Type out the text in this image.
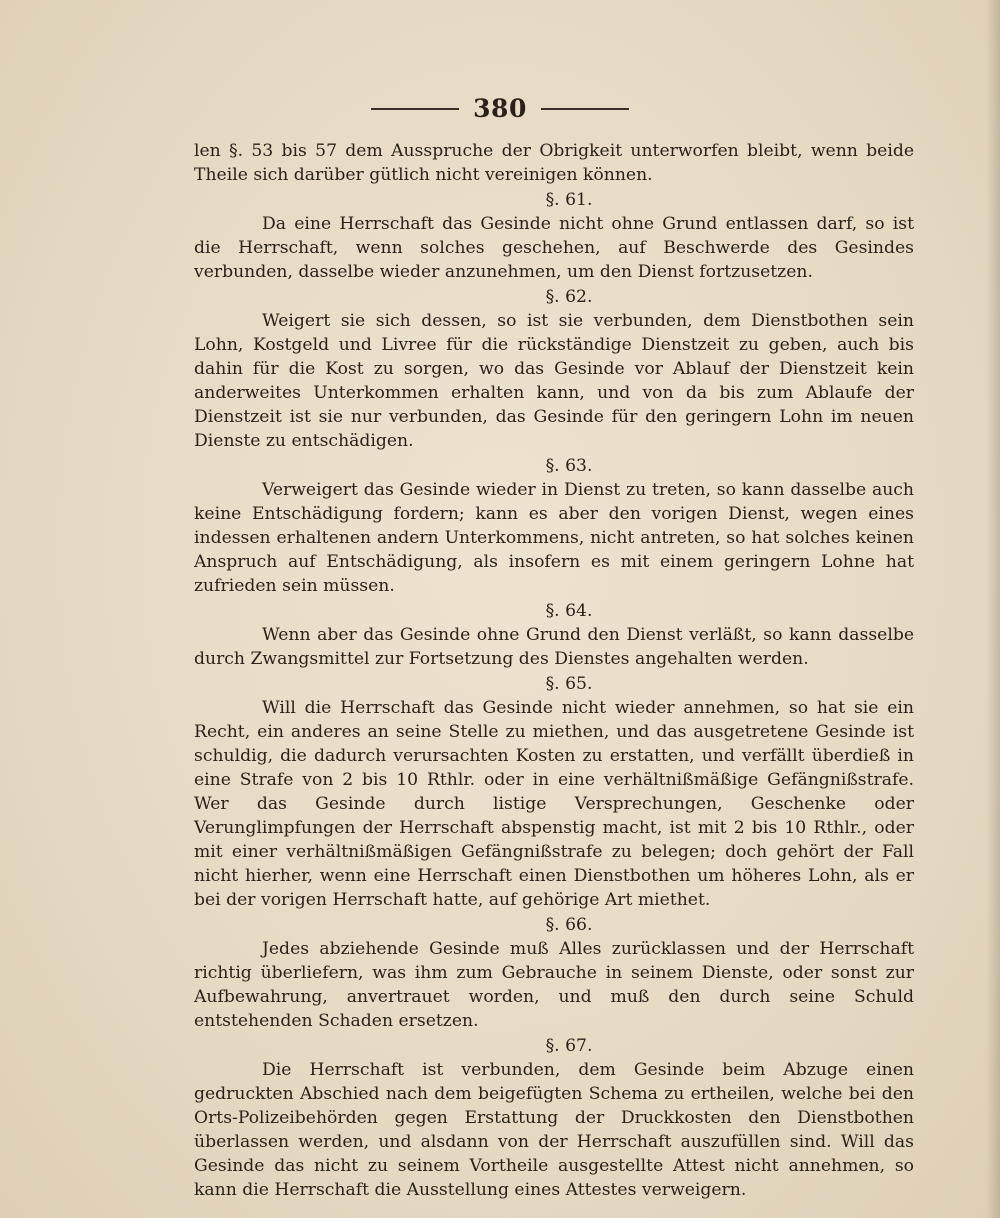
380

len §. 53 bis 57 dem Ausspruche der Obrigkeit unterworfen bleibt, wenn beide Theile sich darüber gütlich nicht vereinigen können.

§. 61.

Da eine Herrschaft das Gesinde nicht ohne Grund entlassen darf, so ist die Herrschaft, wenn solches geschehen, auf Beschwerde des Gesindes verbunden, dasselbe wieder anzunehmen, um den Dienst fortzusetzen.

§. 62.

Weigert sie sich dessen, so ist sie verbunden, dem Dienstbothen sein Lohn, Kostgeld und Livree für die rückständige Dienstzeit zu geben, auch bis dahin für die Kost zu sorgen, wo das Gesinde vor Ablauf der Dienstzeit kein anderweites Unterkommen erhalten kann, und von da bis zum Ablaufe der Dienstzeit ist sie nur verbunden, das Gesinde für den geringern Lohn im neuen Dienste zu entschädigen.

§. 63.

Verweigert das Gesinde wieder in Dienst zu treten, so kann dasselbe auch keine Entschädigung fordern; kann es aber den vorigen Dienst, wegen eines indessen erhaltenen andern Unterkommens, nicht antreten, so hat solches keinen Anspruch auf Entschädigung, als insofern es mit einem geringern Lohne hat zufrieden sein müssen.

§. 64.

Wenn aber das Gesinde ohne Grund den Dienst verläßt, so kann dasselbe durch Zwangsmittel zur Fortsetzung des Dienstes angehalten werden.

§. 65.

Will die Herrschaft das Gesinde nicht wieder annehmen, so hat sie ein Recht, ein anderes an seine Stelle zu miethen, und das ausgetretene Gesinde ist schuldig, die dadurch verursachten Kosten zu erstatten, und verfällt überdieß in eine Strafe von 2 bis 10 Rthlr. oder in eine verhältnißmäßige Gefängnißstrafe. Wer das Gesinde durch listige Versprechungen, Geschenke oder Verunglimpfungen der Herrschaft abspenstig macht, ist mit 2 bis 10 Rthlr., oder mit einer verhältnißmäßigen Gefängnißstrafe zu belegen; doch gehört der Fall nicht hierher, wenn eine Herrschaft einen Dienstbothen um höheres Lohn, als er bei der vorigen Herrschaft hatte, auf gehörige Art miethet.

§. 66.

Jedes abziehende Gesinde muß Alles zurücklassen und der Herrschaft richtig überliefern, was ihm zum Gebrauche in seinem Dienste, oder sonst zur Aufbewahrung, anvertrauet worden, und muß den durch seine Schuld entstehenden Schaden ersetzen.

§. 67.

Die Herrschaft ist verbunden, dem Gesinde beim Abzuge einen gedruckten Abschied nach dem beigefügten Schema zu ertheilen, welche bei den Orts-Polizeibehörden gegen Erstattung der Druckkosten den Dienstbothen überlassen werden, und alsdann von der Herrschaft auszufüllen sind. Will das Gesinde das nicht zu seinem Vortheile ausgestellte Attest nicht annehmen, so kann die Herrschaft die Ausstellung eines Attestes verweigern.
